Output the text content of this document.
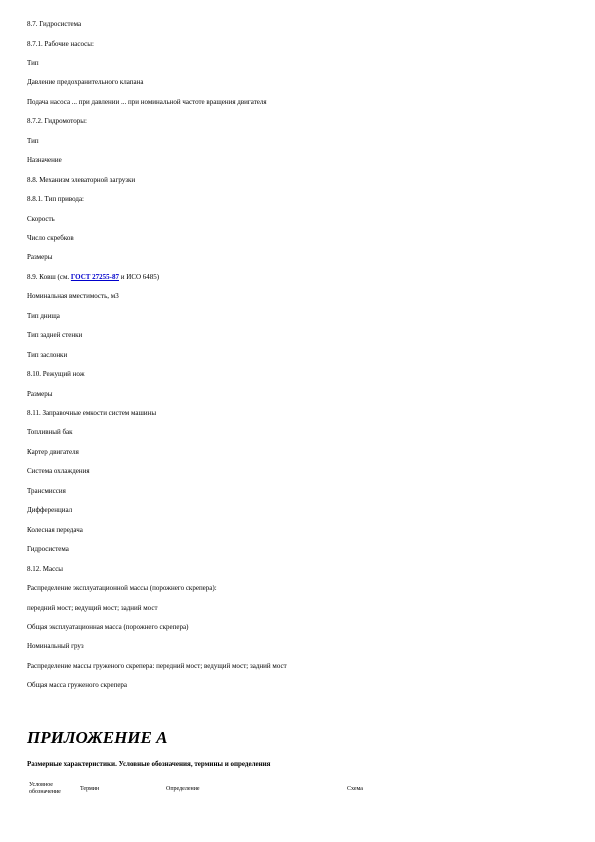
8.7. Гидросистема
8.7.1. Рабочие насосы:
Тип
Давление предохранительного клапана
Подача насоса ... при давлении ... при номинальной частоте вращения двигателя
8.7.2. Гидромоторы:
Тип
Назначение
8.8. Механизм элеваторной загрузки
8.8.1. Тип привода:
Скорость
Число скребков
Размеры
8.9. Ковш (см. ГОСТ 27255-87 и ИСО 6485)
Номинальная вместимость, м3
Тип днища
Тип задней стенки
Тип заслонки
8.10. Режущий нож
Размеры
8.11. Заправочные емкости систем машины
Топливный бак
Картер двигателя
Система охлаждения
Трансмиссия
Дифференциал
Колесная передача
Гидросистема
8.12. Массы
Распределение эксплуатационной массы (порожнего скрепера):
передний мост; ведущий мост; задний мост
Общая эксплуатационная масса (порожнего скрепера)
Номинальный груз
Распределение массы груженого скрепера: передний мост; ведущий мост; задний мост
Общая масса груженого скрепера
ПРИЛОЖЕНИЕ А
Размерные характеристики. Условные обозначения, термины и определения
Условное обозначение	Термин	Определение	Схема
